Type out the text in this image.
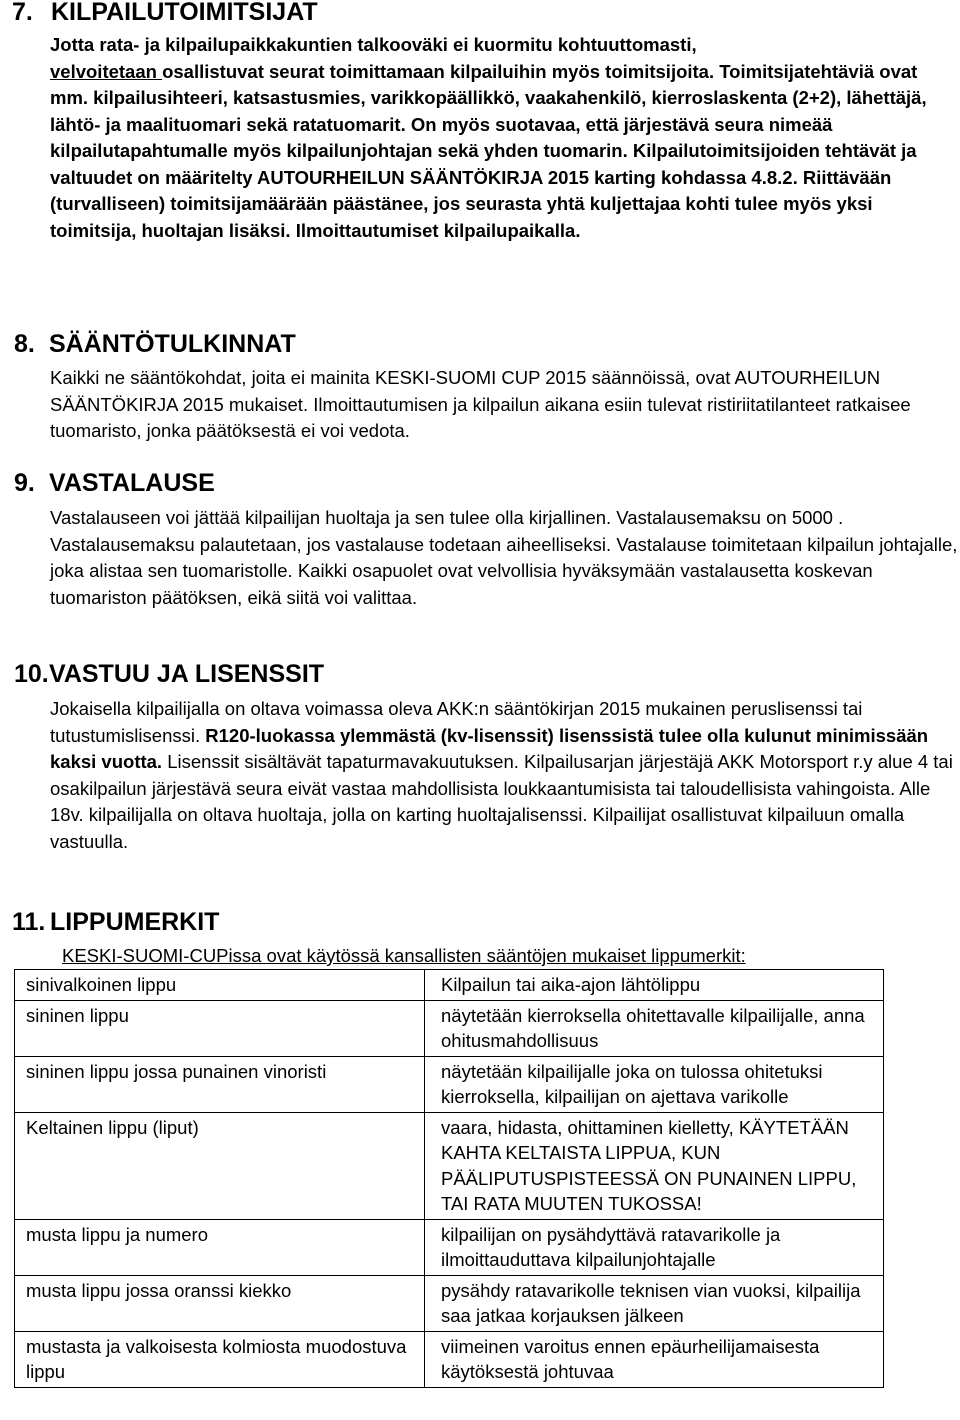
7. KILPAILUTOIMITSIJAT
Jotta rata- ja kilpailupaikkakuntien talkooväki ei kuormitu kohtuuttomasti,
velvoitetaan osallistuvat seurat toimittamaan kilpailuihin myös toimitsijoita. Toimitsijatehtäviä ovat mm. kilpailusihteeri, katsastusmies, varikkopäällikkö, vaakahenkilö, kierroslaskenta (2+2), lähettäjä, lähtö- ja maalituomari sekä ratatuomarit. On myös suotavaa, että järjestävä seura nimeää kilpailutapahtumalle myös kilpailunjohtajan sekä yhden tuomarin. Kilpailutoimitsijoiden tehtävät ja valtuudet on määritelty AUTOURHEILUN SÄÄNTÖKIRJA 2015 karting kohdassa 4.8.2. Riittävään (turvalliseen) toimitsijamäärään päästänee, jos seurasta yhtä kuljettajaa kohti tulee myös yksi toimitsija, huoltajan lisäksi. Ilmoittautumiset kilpailupaikalla.
8. SÄÄNTÖTULKINNAT
Kaikki ne sääntökohdat, joita ei mainita KESKI-SUOMI CUP 2015 säännöissä, ovat AUTOURHEILUN SÄÄNTÖKIRJA 2015 mukaiset. Ilmoittautumisen ja kilpailun aikana esiin tulevat ristiriitatilanteet ratkaisee tuomaristo, jonka päätöksestä ei voi vedota.
9. VASTALAUSE
Vastalauseen voi jättää kilpailijan huoltaja ja sen tulee olla kirjallinen. Vastalausemaksu on 5000 . Vastalausemaksu palautetaan, jos vastalause todetaan aiheelliseksi. Vastalause toimitetaan kilpailun johtajalle, joka alistaa sen tuomaristolle. Kaikki osapuolet ovat velvollisia hyväksymään vastalausetta koskevan tuomariston päätöksen, eikä siitä voi valittaa.
10.VASTUU JA LISENSSIT
Jokaisella kilpailijalla on oltava voimassa oleva AKK:n sääntökirjan 2015 mukainen peruslisenssi tai tutustumislisenssi. R120-luokassa ylemmästä (kv-lisenssit) lisenssistä tulee olla kulunut minimissään kaksi vuotta. Lisenssit sisältävät tapaturmavakuutuksen. Kilpailusarjan järjestäjä AKK Motorsport r.y alue 4 tai osakilpailun järjestävä seura eivät vastaa mahdollisista loukkaantumisista tai taloudellisista vahingoista. Alle 18v. kilpailijalla on oltava huoltaja, jolla on karting huoltajalisenssi. Kilpailijat osallistuvat kilpailuun omalla vastuulla.
11. LIPPUMERKIT
KESKI-SUOMI-CUPissa ovat käytössä kansallisten sääntöjen mukaiset lippumerkit:
sinivalkoinen lippu	Kilpailun tai aika-ajon lähtölippu
sininen lippu	näytetään kierroksella ohitettavalle kilpailijalle, anna ohitusmahdollisuus
sininen lippu jossa punainen vinoristi	näytetään kilpailijalle joka on tulossa ohitetuksi kierroksella, kilpailijan on ajettava varikolle
Keltainen lippu (liput)	vaara, hidasta, ohittaminen kielletty, KÄYTETÄÄN KAHTA KELTAISTA LIPPUA, KUN PÄÄLIPUTUSPISTEESSÄ ON PUNAINEN LIPPU, TAI RATA MUUTEN TUKOSSA!
musta lippu ja numero	kilpailijan on pysähdyttävä ratavarikolle ja ilmoittauduttava kilpailunjohtajalle
musta lippu jossa oranssi kiekko	pysähdy ratavarikolle teknisen vian vuoksi, kilpailija saa jatkaa korjauksen jälkeen
mustasta ja valkoisesta kolmiosta muodostuva lippu	viimeinen varoitus ennen epäurheilijamaisesta käytöksestä johtuvaa
